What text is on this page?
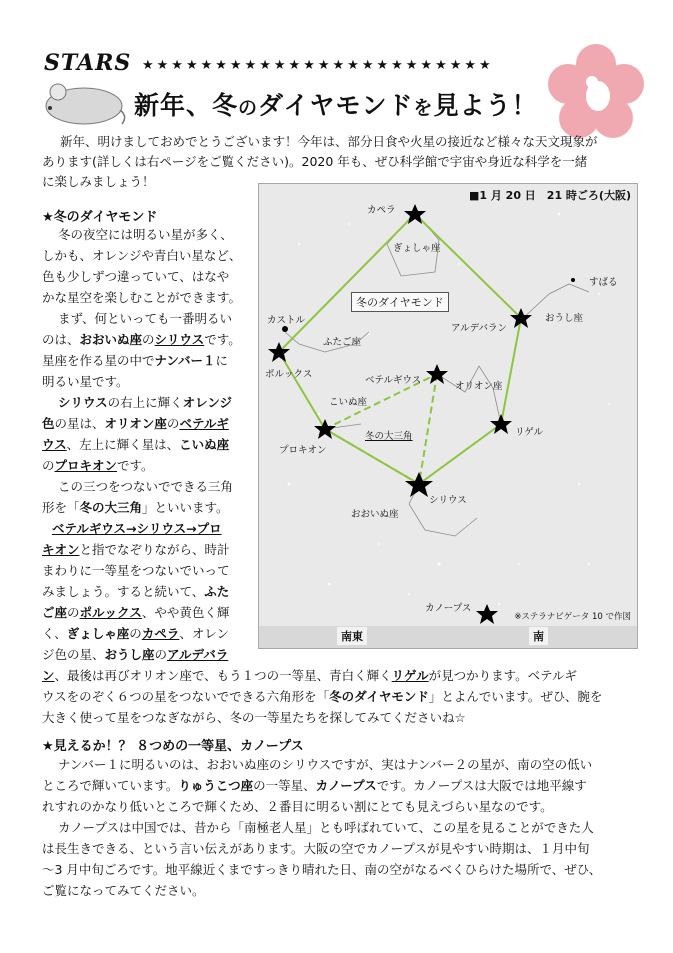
STARS ★★★★★★★★★★★★★★★★★★★★★★★★
新年、冬のダイヤモンドを見よう！
新年、明けましておめでとうございます！今年は、部分日食や火星の接近など様々な天文現象が
あります(詳しくは右ページをご覧ください)。2020 年も、ぜひ科学館で宇宙や身近な科学を一緒
に楽しみましょう！
★冬のダイヤモンド
冬の夜空には明るい星が多く、
しかも、オレンジや青白い星など、
色も少しずつ違っていて、はなや
かな星空を楽しむことができます。
まず、何といっても一番明るい
のは、おおいぬ座のシリウスです。
星座を作る星の中でナンバー１に
明るい星です。
シリウスの右上に輝くオレンジ
色の星は、オリオン座のベテルギ
ウス、左上に輝く星は、こいぬ座
のプロキオンです。
この三つをつないでできる三角
形を「冬の大三角」といいます。
ベテルギウス→シリウス→プロ
キオンと指でなぞりながら、時計
まわりに一等星をつないでいって
みましょう。すると続いて、ふた
ご座のポルックス、やや黄色く輝
く、ぎょしゃ座のカペラ、オレン
ジ色の星、おうし座のアルデバラ
ン、最後は再びオリオン座で、もう１つの一等星、青白く輝くリゲルが見つかります。ベテルギ
ウスをのぞく６つの星をつないでできる六角形を「冬のダイヤモンド」とよんでいます。ぜひ、腕を
大きく使って星をつなぎながら、冬の一等星たちを探してみてくださいね☆
■1 月 20 日　21 時ごろ(大阪)
冬のダイヤモンド
冬の大三角
カペラ
ぎょしゃ座
カストル
ふたご座
ポルックス
アルデバラン
おうし座
すばる
ベテルギウス
オリオン座
こいぬ座
リゲル
プロキオン
シリウス
おおいぬ座
カノープス
※ステラナビゲータ 10 で作図
南東	南
★見えるか！？ ８つめの一等星、カノープス
ナンバー１に明るいのは、おおいぬ座のシリウスですが、実はナンバー２の星が、南の空の低い
ところで輝いています。りゅうこつ座の一等星、カノープスです。カノープスは大阪では地平線す
れすれのかなり低いところで輝くため、２番目に明るい割にとても見えづらい星なのです。
カノープスは中国では、昔から「南極老人星」とも呼ばれていて、この星を見ることができた人
は長生きできる、という言い伝えがあります。大阪の空でカノープスが見やすい時期は、１月中旬
～3 月中旬ごろです。地平線近くまですっきり晴れた日、南の空がなるべくひらけた場所で、ぜひ、
ご覧になってみてください。
